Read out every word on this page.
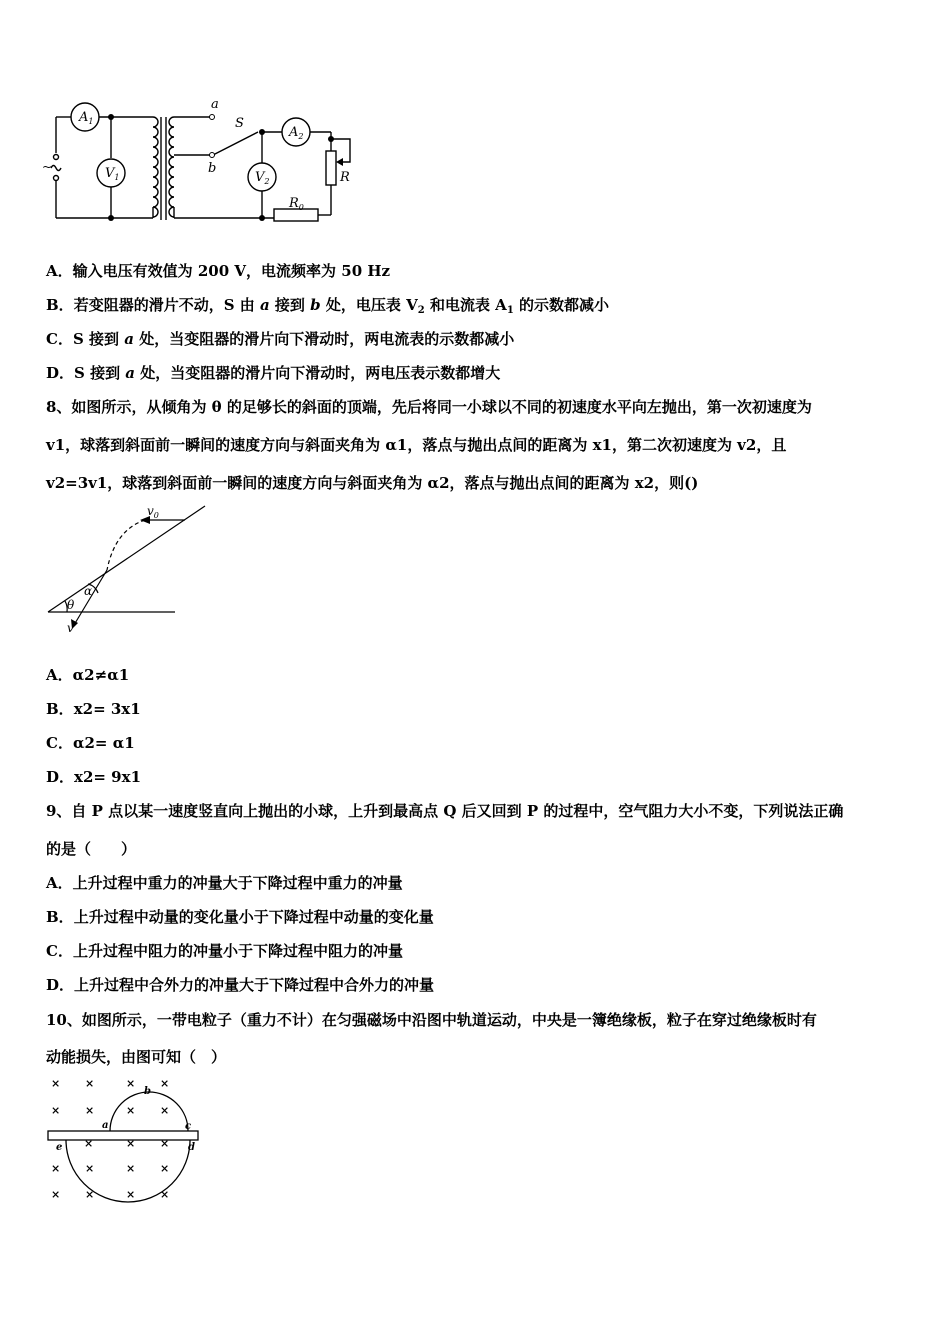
$A_1$
$V_1$
$A_2$
$V_2$
S
a
b
R
$R_0$
~
A．输入电压有效值为 200 V，电流频率为 50 Hz
B．若变阻器的滑片不动，S 由 a 接到 b 处，电压表 $V_2$ 和电流表 $A_1$ 的示数都减小
C．S 接到 a 处，当变阻器的滑片向下滑动时，两电流表的示数都减小
D．S 接到 a 处，当变阻器的滑片向下滑动时，两电压表示数都增大
8、如图所示，从倾角为 θ 的足够长的斜面的顶端，先后将同一小球以不同的初速度水平向左抛出，第一次初速度为
v1，球落到斜面前一瞬间的速度方向与斜面夹角为 α1，落点与抛出点间的距离为 x1，第二次初速度为 v2，且
v2=3v1，球落到斜面前一瞬间的速度方向与斜面夹角为 α2，落点与抛出点间的距离为 x2，则()
$v_0$
α
θ
v
A．α2≠α1
B．x2= 3x1
C．α2= α1
D．x2= 9x1
9、自 P 点以某一速度竖直向上抛出的小球，上升到最高点 Q 后又回到 P 的过程中，空气阻力大小不变，下列说法正确
的是（　　）
A．上升过程中重力的冲量大于下降过程中重力的冲量
B．上升过程中动量的变化量小于下降过程中动量的变化量
C．上升过程中阻力的冲量小于下降过程中阻力的冲量
D．上升过程中合外力的冲量大于下降过程中合外力的冲量
10、如图所示，一带电粒子（重力不计）在匀强磁场中沿图中轨道运动，中央是一簿绝缘板，粒子在穿过绝缘板时有
动能损失，由图可知（　）
× ×	× ×
× ×	× ×
× ×	× ×
× ×	× ×
×	× ×
a
b
c
d
e
